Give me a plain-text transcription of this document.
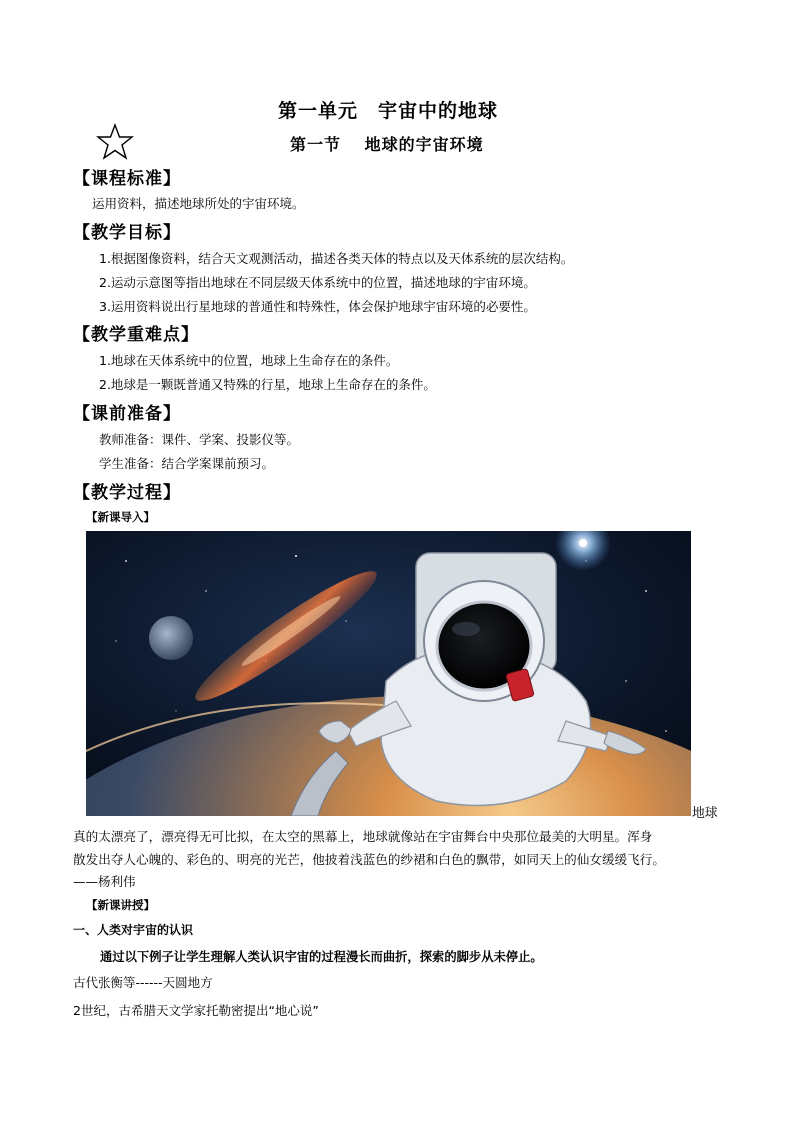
第一单元　宇宙中的地球
第一节　 地球的宇宙环境
【课程标准】
运用资料，描述地球所处的宇宙环境。
【教学目标】
1.根据图像资料，结合天文观测活动，描述各类天体的特点以及天体系统的层次结构。
2.运动示意图等指出地球在不同层级天体系统中的位置，描述地球的宇宙环境。
3.运用资料说出行星地球的普通性和特殊性，体会保护地球宇宙环境的必要性。
【教学重难点】
1.地球在天体系统中的位置，地球上生命存在的条件。
2.地球是一颗既普通又特殊的行星，地球上生命存在的条件。
【课前准备】
教师准备：课件、学案、投影仪等。
学生准备：结合学案课前预习。
【教学过程】
【新课导入】
地球
真的太漂亮了，漂亮得无可比拟，在太空的黑幕上，地球就像站在宇宙舞台中央那位最美的大明星。浑身
散发出夺人心魄的、彩色的、明亮的光芒，他披着浅蓝色的纱裙和白色的飘带，如同天上的仙女缓缓飞行。
——杨利伟
【新课讲授】
一、人类对宇宙的认识
通过以下例子让学生理解人类认识宇宙的过程漫长而曲折，探索的脚步从未停止。
古代张衡等------天圆地方
2世纪，古希腊天文学家托勒密提出“地心说”
